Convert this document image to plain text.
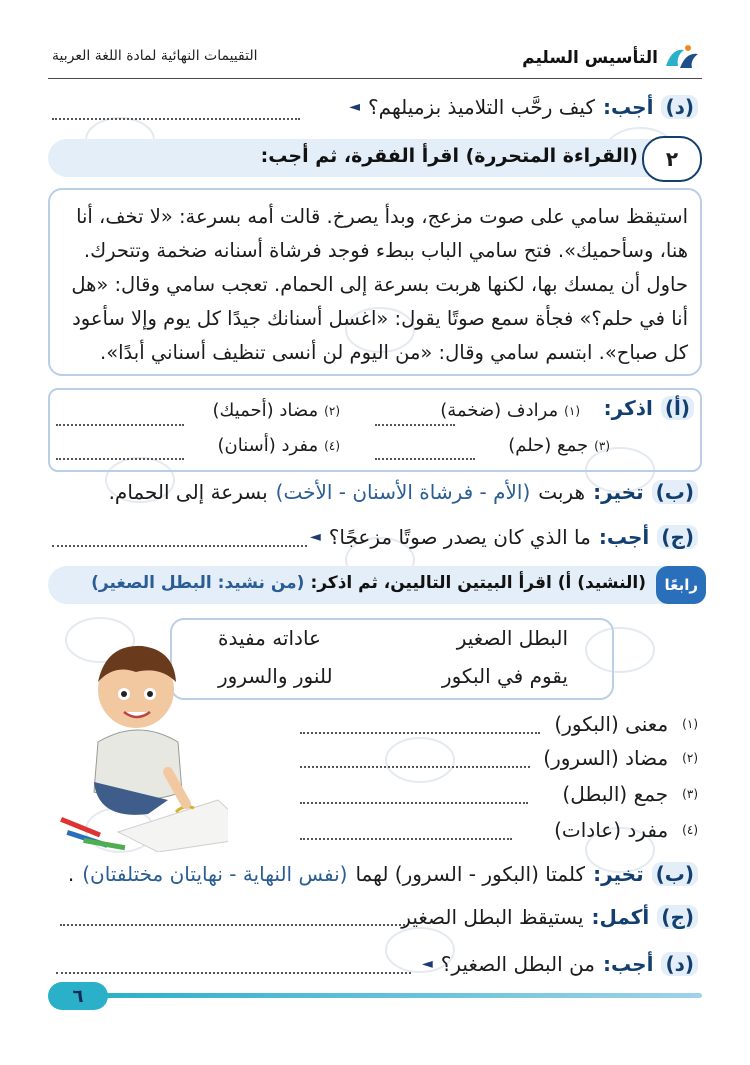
التأسيس السليم
التقييمات النهائية لمادة اللغة العربية
(د)
أجب:
كيف رحَّب التلاميذ بزميلهم؟
◄
٢
(القراءة المتحررة) اقرأ الفقرة، ثم أجب:
استيقظ سامي على صوت مزعج، وبدأ يصرخ. قالت أمه بسرعة: «لا تخف، أنا
هنا، وسأحميك». فتح سامي الباب ببطء فوجد فرشاة أسنانه ضخمة وتتحرك.
حاول أن يمسك بها، لكنها هربت بسرعة إلى الحمام. تعجب سامي وقال: «هل
أنا في حلم؟» فجأة سمع صوتًا يقول: «اغسل أسنانك جيدًا كل يوم وإلا سأعود
كل صباح». ابتسم سامي وقال: «من اليوم لن أنسى تنظيف أسناني أبدًا».
(أ)
اذكر:
(١)
مرادف (ضخمة)
(٢)
مضاد (أحميك)
(٣)
جمع (حلم)
(٤)
مفرد (أسنان)
(ب)
تخير:
هربت
(الأم - فرشاة الأسنان - الأخت)
بسرعة إلى الحمام.
(ج)
أجب:
ما الذي كان يصدر صوتًا مزعجًا؟
◄
رابعًا
(النشيد) أ) اقرأ البيتين التاليين، ثم اذكر:
(من نشيد: البطل الصغير)
البطل الصغير
عاداته مفيدة
يقوم في البكور
للنور والسرور
(١)
معنى (البكور)
(٢)
مضاد (السرور)
(٣)
جمع (البطل)
(٤)
مفرد (عادات)
(ب)
تخير:
كلمتا (البكور - السرور) لهما
(نفس النهاية - نهايتان مختلفتان)
.
(ج)
أكمل:
يستيقظ البطل الصغير
(د)
أجب:
من البطل الصغير؟
◄
٦
